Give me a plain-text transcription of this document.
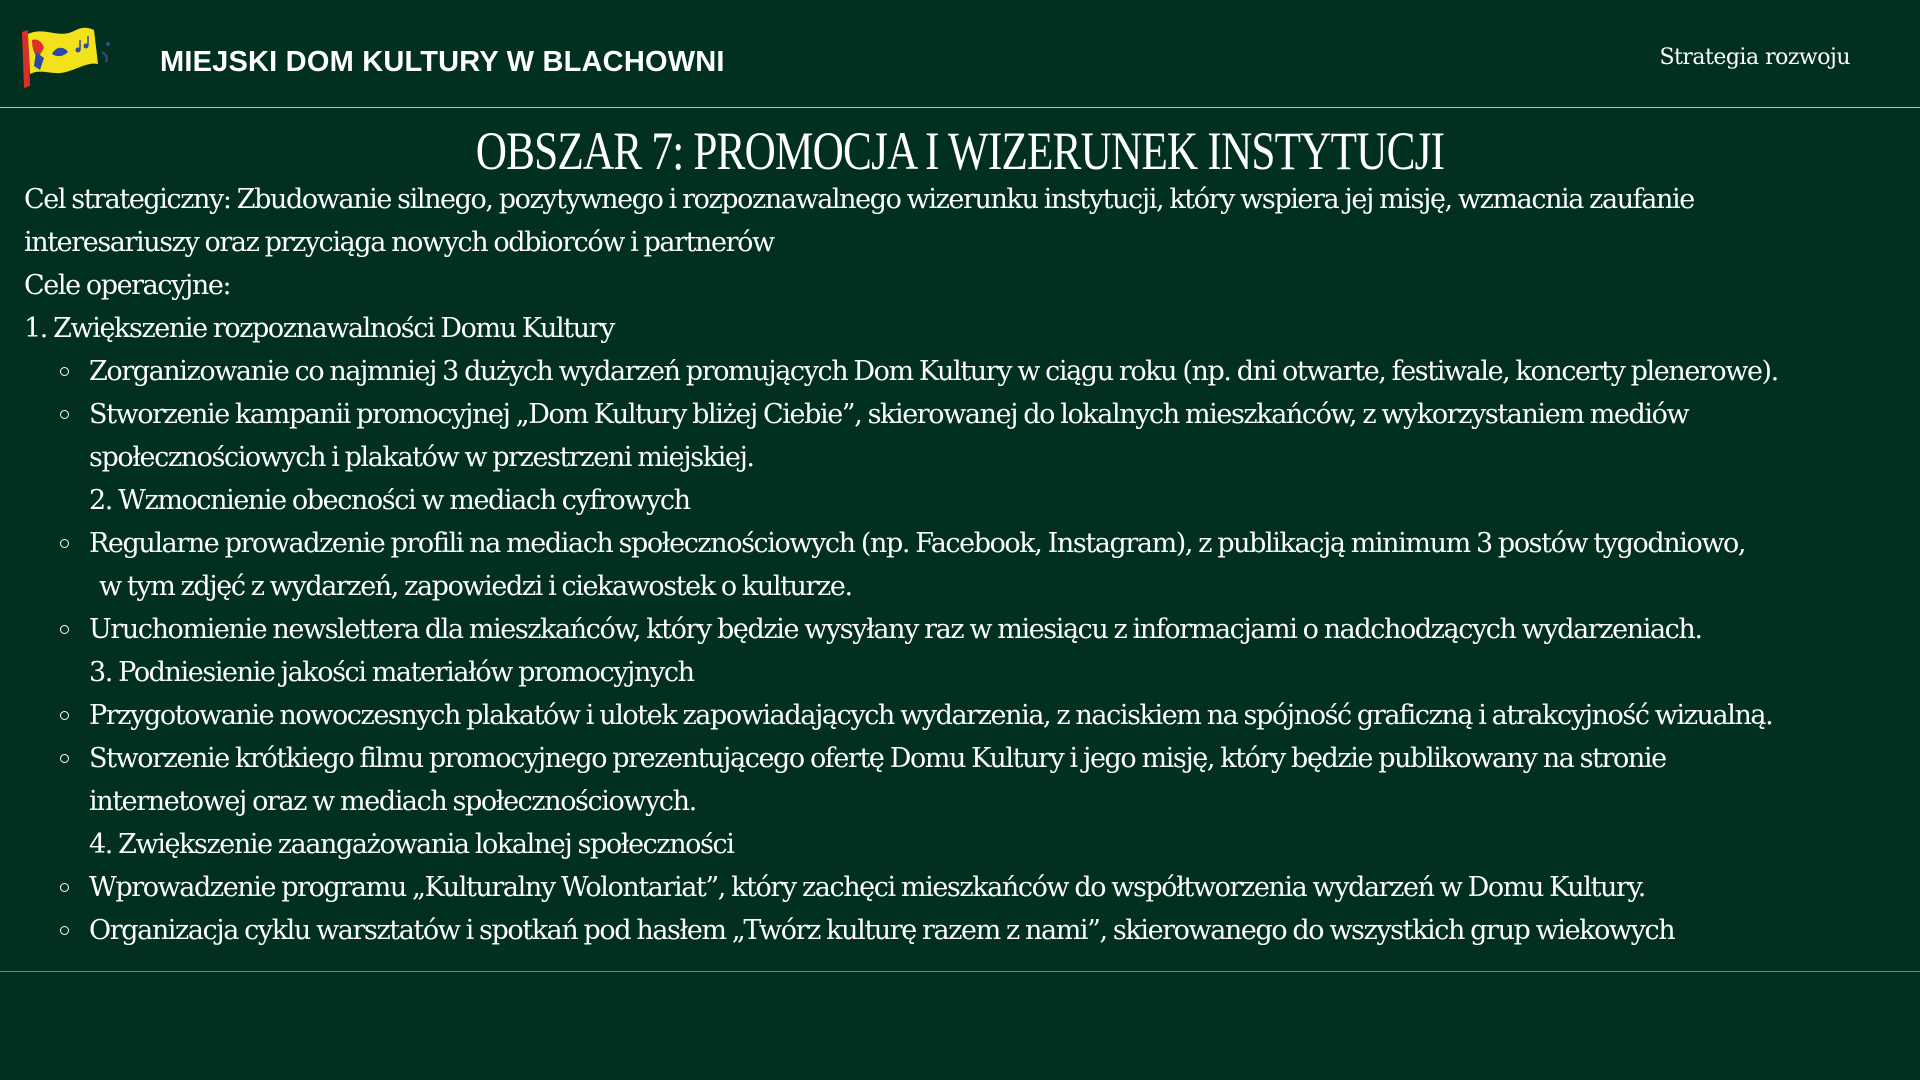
MIEJSKI DOM KULTURY W BLACHOWNI	Strategia rozwoju
OBSZAR 7: PROMOCJA I WIZERUNEK INSTYTUCJI
Cel strategiczny: Zbudowanie silnego, pozytywnego i rozpoznawalnego wizerunku instytucji, który wspiera jej misję, wzmacnia zaufanie
interesariuszy oraz przyciąga nowych odbiorców i partnerów
Cele operacyjne:
1. Zwiększenie rozpoznawalności Domu Kultury
Zorganizowanie co najmniej 3 dużych wydarzeń promujących Dom Kultury w ciągu roku (np. dni otwarte, festiwale, koncerty plenerowe).
Stworzenie kampanii promocyjnej „Dom Kultury bliżej Ciebie”, skierowanej do lokalnych mieszkańców, z wykorzystaniem mediów
społecznościowych i plakatów w przestrzeni miejskiej.
2. Wzmocnienie obecności w mediach cyfrowych
Regularne prowadzenie profili na mediach społecznościowych (np. Facebook, Instagram), z publikacją minimum 3 postów tygodniowo,
w tym zdjęć z wydarzeń, zapowiedzi i ciekawostek o kulturze.
Uruchomienie newslettera dla mieszkańców, który będzie wysyłany raz w miesiącu z informacjami o nadchodzących wydarzeniach.
3. Podniesienie jakości materiałów promocyjnych
Przygotowanie nowoczesnych plakatów i ulotek zapowiadających wydarzenia, z naciskiem na spójność graficzną i atrakcyjność wizualną.
Stworzenie krótkiego filmu promocyjnego prezentującego ofertę Domu Kultury i jego misję, który będzie publikowany na stronie
internetowej oraz w mediach społecznościowych.
4. Zwiększenie zaangażowania lokalnej społeczności
Wprowadzenie programu „Kulturalny Wolontariat”, który zachęci mieszkańców do współtworzenia wydarzeń w Domu Kultury.
Organizacja cyklu warsztatów i spotkań pod hasłem „Twórz kulturę razem z nami”, skierowanego do wszystkich grup wiekowych
